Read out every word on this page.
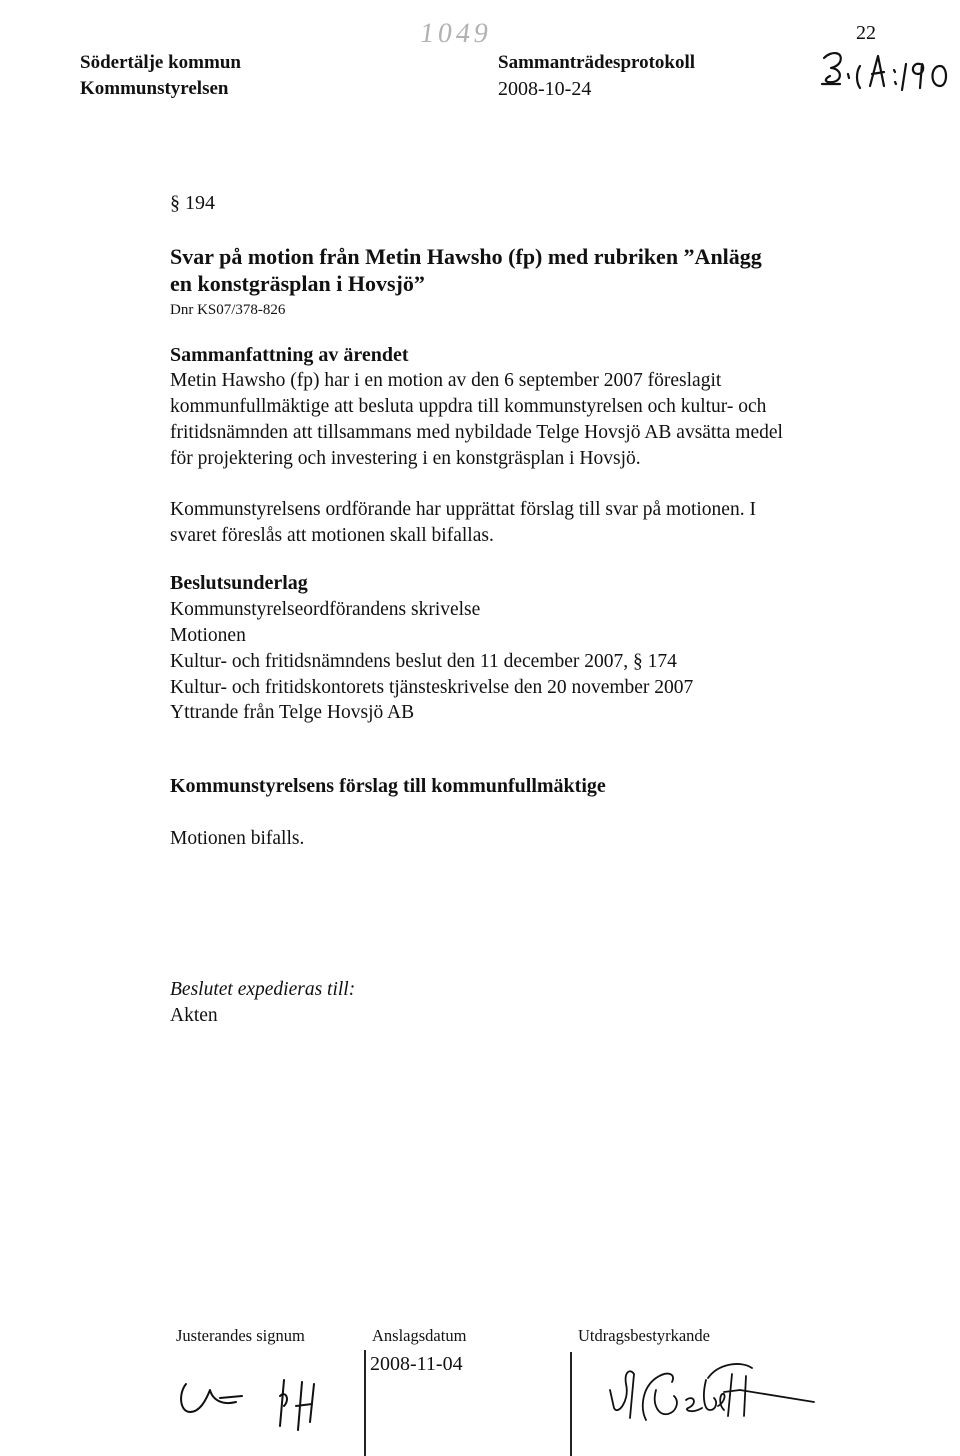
Södertälje kommun
Kommunstyrelsen
Sammanträdesprotokoll
2008-10-24
22
1049
§ 194
Svar på motion från Metin Hawsho (fp) med rubriken ”Anlägg
en konstgräsplan i Hovsjö”
Dnr KS07/378-826
Sammanfattning av ärendet
Metin Hawsho (fp) har i en motion av den 6 september 2007 föreslagit
kommunfullmäktige att besluta uppdra till kommunstyrelsen och kultur- och
fritidsnämnden att tillsammans med nybildade Telge Hovsjö AB avsätta medel
för projektering och investering i en konstgräsplan i Hovsjö.
Kommunstyrelsens ordförande har upprättat förslag till svar på motionen. I
svaret föreslås att motionen skall bifallas.
Beslutsunderlag
Kommunstyrelseordförandens skrivelse
Motionen
Kultur- och fritidsnämndens beslut den 11 december 2007, § 174
Kultur- och fritidskontorets tjänsteskrivelse den 20 november 2007
Yttrande från Telge Hovsjö AB
Kommunstyrelsens förslag till kommunfullmäktige
Motionen bifalls.
Beslutet expedieras till:
Akten
Justerandes signum	Anslagsdatum
2008-11-04
Utdragsbestyrkande
